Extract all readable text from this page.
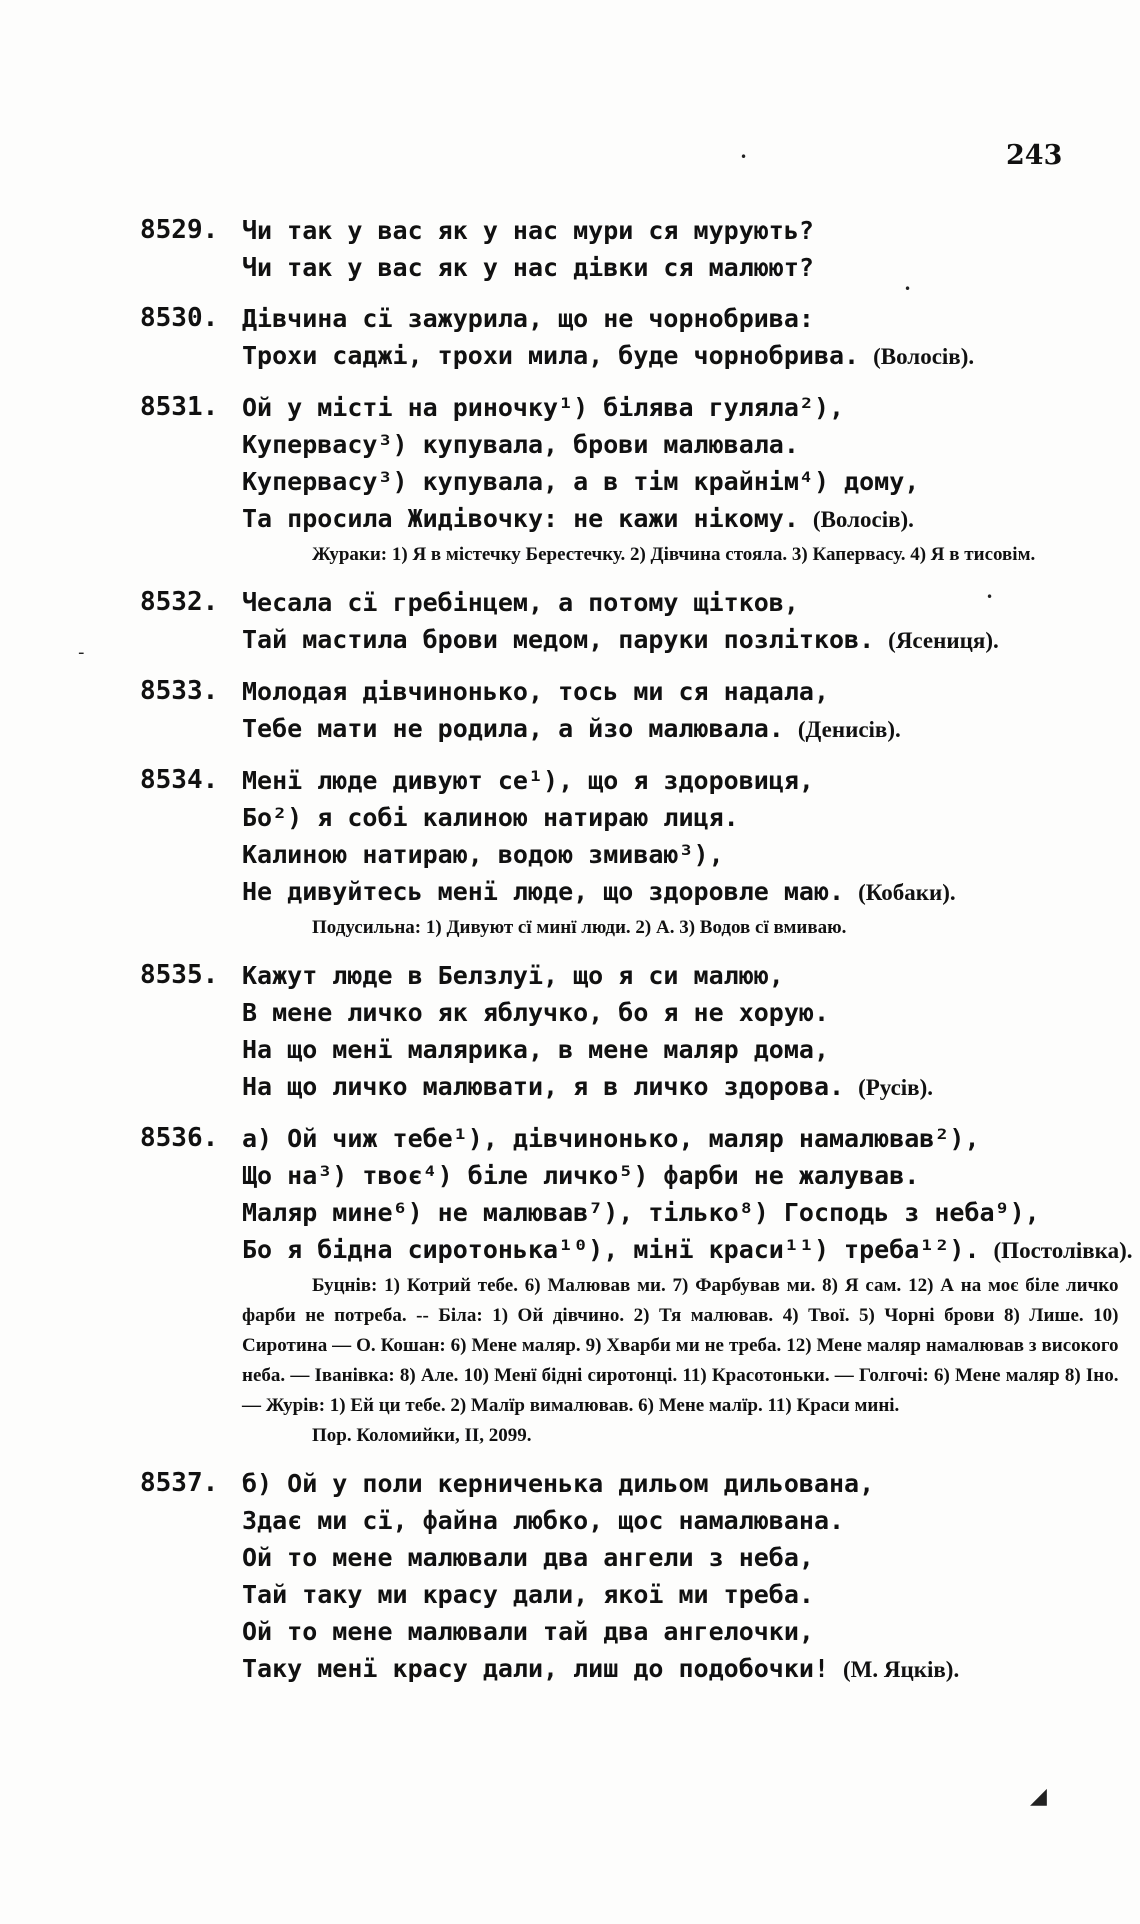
243
8529. Чи так у вас як у нас мури ся мурують?
Чи так у вас як у нас дівки ся малюют?
8530. Дівчина сї зажурила, що не чорнобрива:
Трохи саджі, трохи мила, буде чорнобрива. (Волосів).
8531. Ой у місті на риночку¹) білява гуляла²),
Купервасу³) купувала, брови малювала.
Купервасу³) купувала, а в тім крайнім⁴) дому,
Та просила Жидівочку: не кажи нікому. (Волосів).
Жураки: 1) Я в містечку Берестечку. 2) Дівчина стояла. 3) Капервасу. 4) Я в тисовім.
8532. Чесала сї гребінцем, а потому щітков,
Тай мастила брови медом, паруки позлітков. (Ясениця).
8533. Молодая дівчинонько, тось ми ся надала,
Тебе мати не родила, а йзо малювала. (Денисів).
8534. Менї люде дивуют се¹), що я здоровиця,
Бо²) я собі калиною натираю лиця.
Калиною натираю, водою змиваю³),
Не дивуйтесь менї люде, що здоровле маю. (Кобаки).
Подусильна: 1) Дивуют сї минї люди. 2) А. 3) Водов сї вмиваю.
8535. Кажут люде в Белзлуї, що я си малюю,
В мене личко як яблучко, бо я не хорую.
На що менї малярика, в мене маляр дома,
На що личко малювати, я в личко здорова. (Русів).
8536. а) Ой чиж тебе¹), дівчинонько, маляр намалював²),
Що на³) твоє⁴) біле личко⁵) фарби не жалував.
Маляр мине⁶) не малював⁷), тілько⁸) Господь з неба⁹),
Бо я бідна сиротонька¹⁰), мінї краси¹¹) треба¹²). (Постолівка).
Буцнів: 1) Котрий тебе. 6) Малював ми. 7) Фарбував ми. 8) Я сам. 12) А на моє біле личко фарби не потреба. -- Біла: 1) Ой дівчино. 2) Тя малював. 4) Твої. 5) Чорні брови 8) Лише. 10) Сиротина — О. Кошан: 6) Мене маляр. 9) Хварби ми не треба. 12) Мене маляр намалював з високого неба. — Іванівка: 8) Але. 10) Менї бідні сиротонці. 11) Красотоньки. — Голгочі: 6) Мене маляр 8) Іно. — Журів: 1) Ей ци тебе. 2) Малїр вималював. 6) Мене малїр. 11) Краси мині.
Пор. Коломийки, II, 2099.
8537. б) Ой у поли керниченька дильом дильована,
Здає ми сї, файна любко, щос намалювана.
Ой то мене малювали два ангели з неба,
Тай таку ми красу дали, якої ми треба.
Ой то мене малювали тай два ангелочки,
Таку менї красу дали, лиш до подобочки! (М. Яцків).
•
•
•
-
◢
